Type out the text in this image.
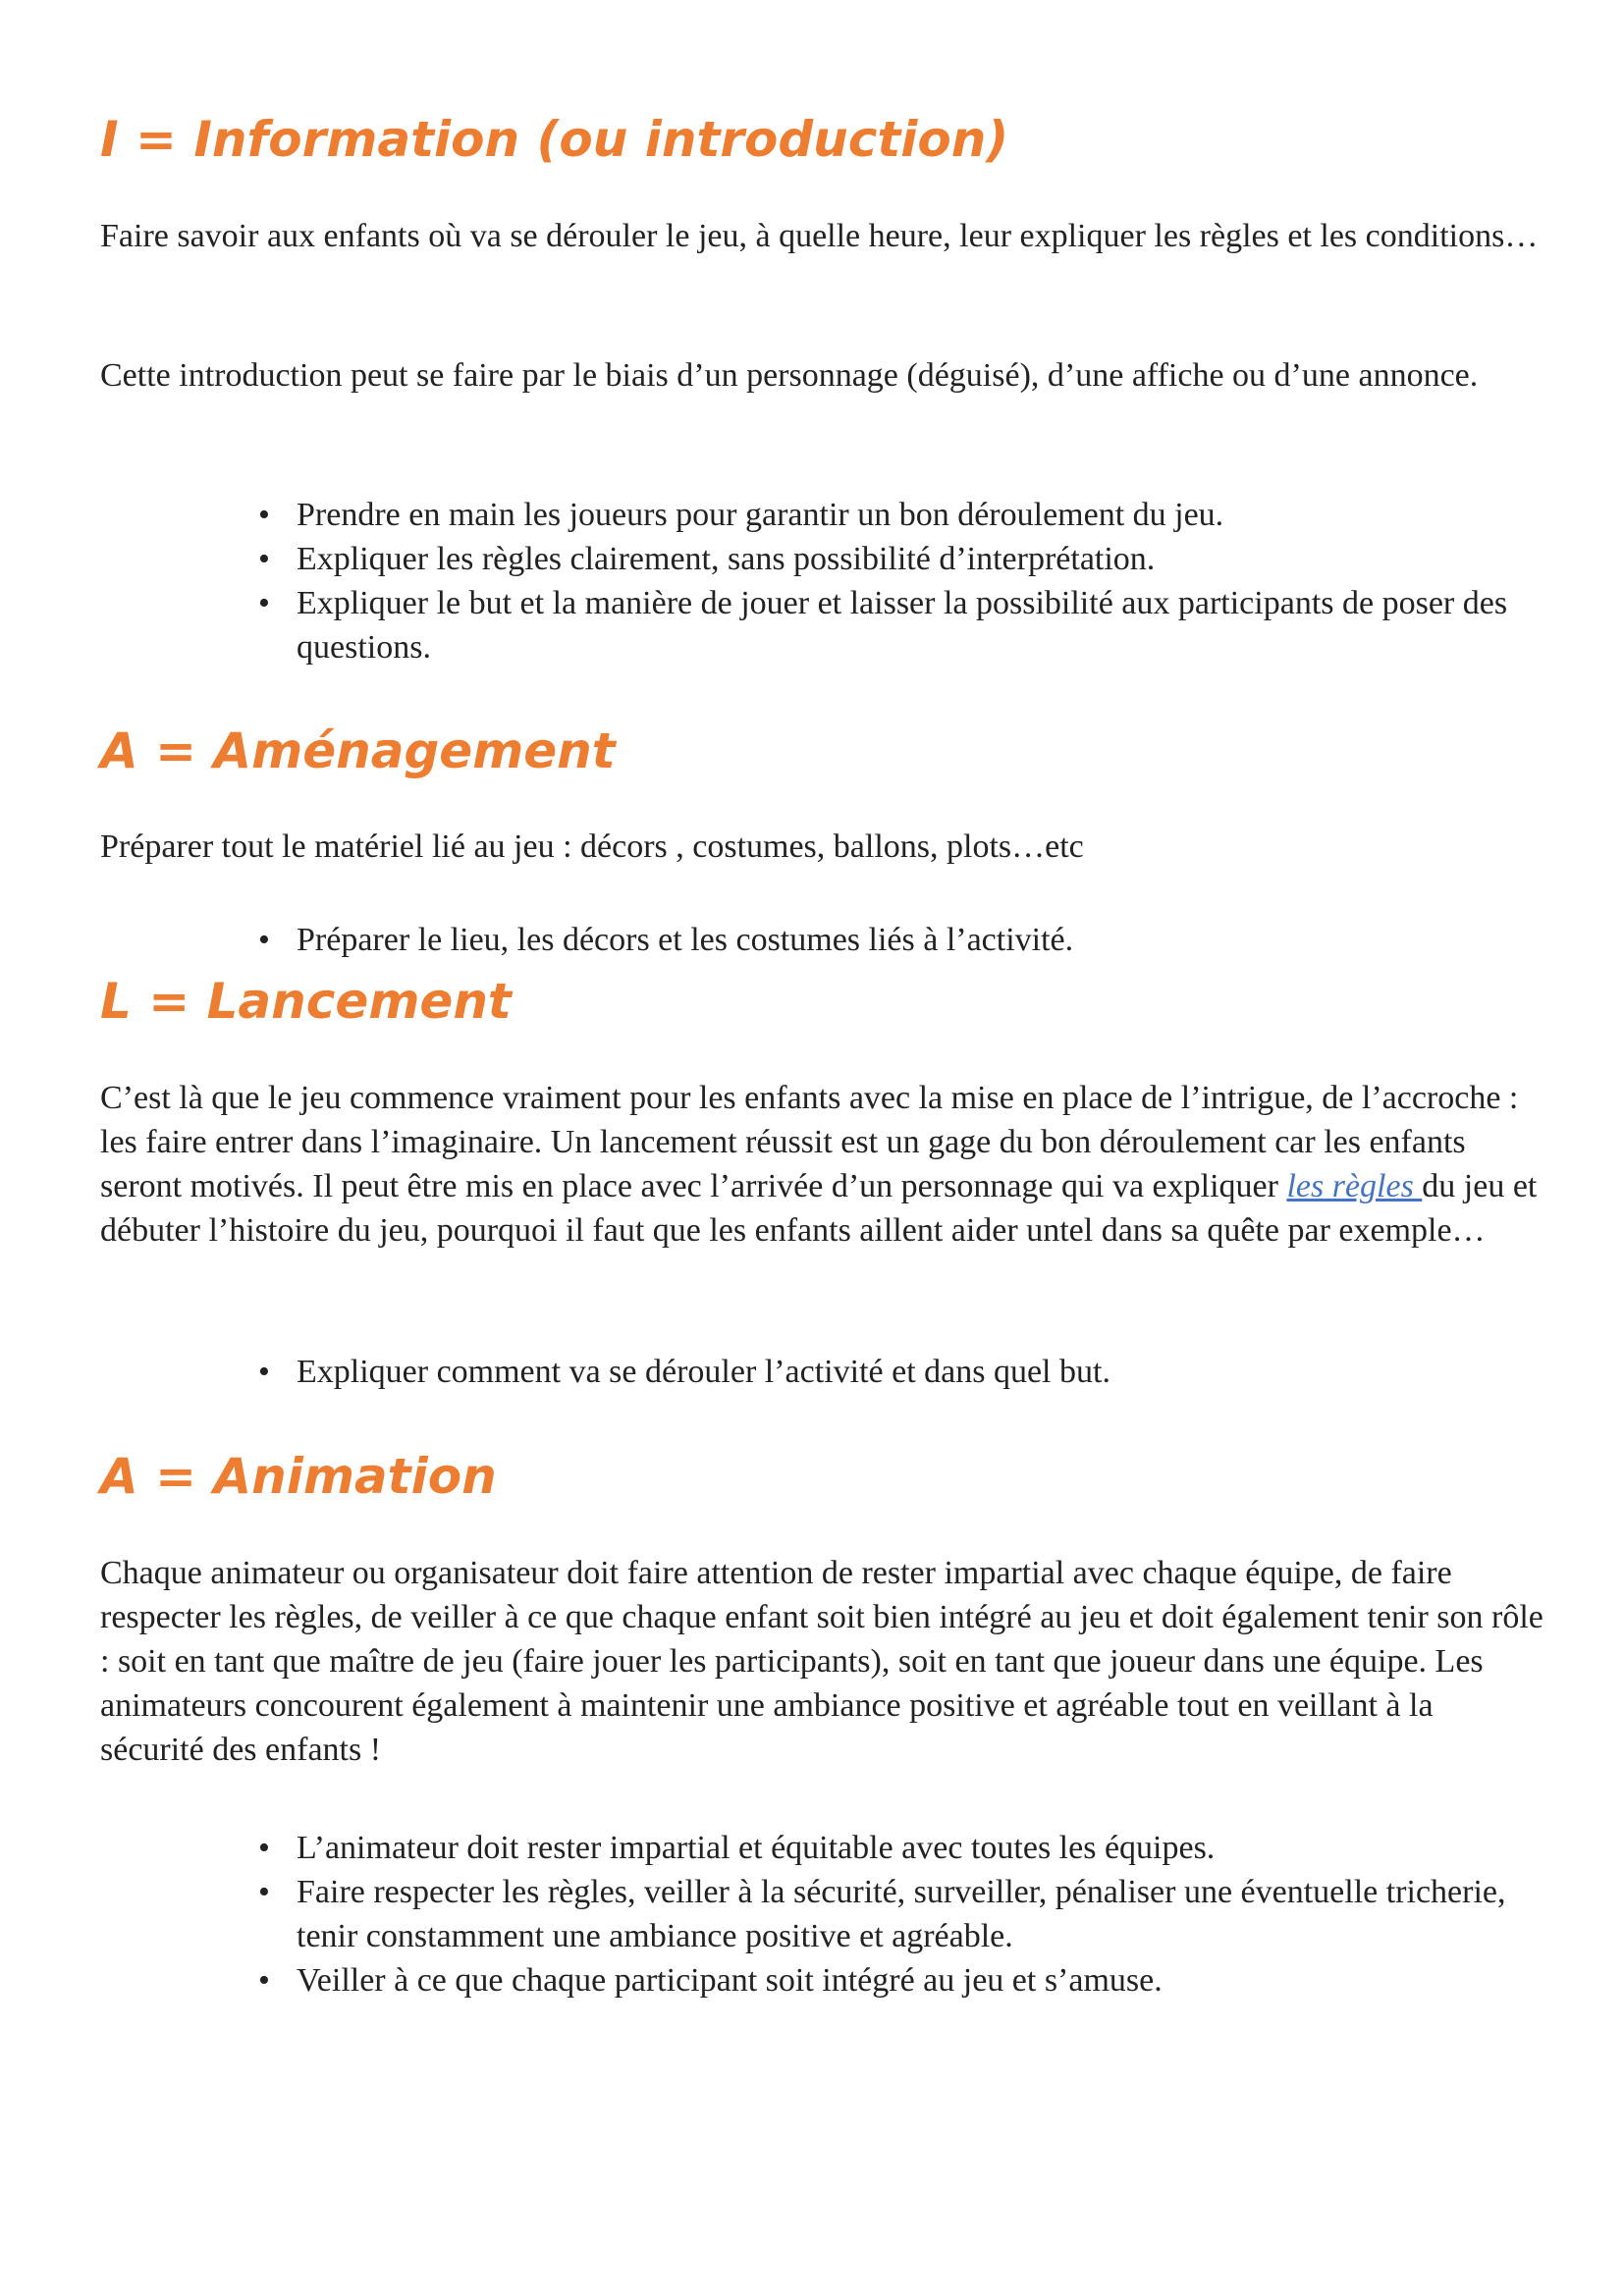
I = Information (ou introduction)

Faire savoir aux enfants où va se dérouler le jeu, à quelle heure, leur expliquer les règles et les conditions…

Cette introduction peut se faire par le biais d’un personnage (déguisé), d’une affiche ou d’une annonce.

• Prendre en main les joueurs pour garantir un bon déroulement du jeu.
• Expliquer les règles clairement, sans possibilité d’interprétation.
• Expliquer le but et la manière de jouer et laisser la possibilité aux participants de poser des questions.
A = Aménagement

Préparer tout le matériel lié au jeu : décors , costumes, ballons, plots…etc

• Préparer le lieu, les décors et les costumes liés à l’activité.
L = Lancement

C’est là que le jeu commence vraiment pour les enfants avec la mise en place de l’intrigue, de l’accroche : les faire entrer dans l’imaginaire. Un lancement réussit est un gage du bon déroulement car les enfants seront motivés. Il peut être mis en place avec l’arrivée d’un personnage qui va expliquer les règles du jeu et débuter l’histoire du jeu, pourquoi il faut que les enfants aillent aider untel dans sa quête par exemple…

• Expliquer comment va se dérouler l’activité et dans quel but.
A = Animation

Chaque animateur ou organisateur doit faire attention de rester impartial avec chaque équipe, de faire respecter les règles, de veiller à ce que chaque enfant soit bien intégré au jeu et doit également tenir son rôle : soit en tant que maître de jeu (faire jouer les participants), soit en tant que joueur dans une équipe. Les animateurs concourent également à maintenir une ambiance positive et agréable tout en veillant à la sécurité des enfants !

• L’animateur doit rester impartial et équitable avec toutes les équipes.
• Faire respecter les règles, veiller à la sécurité, surveiller, pénaliser une éventuelle tricherie, tenir constamment une ambiance positive et agréable.
• Veiller à ce que chaque participant soit intégré au jeu et s’amuse.
